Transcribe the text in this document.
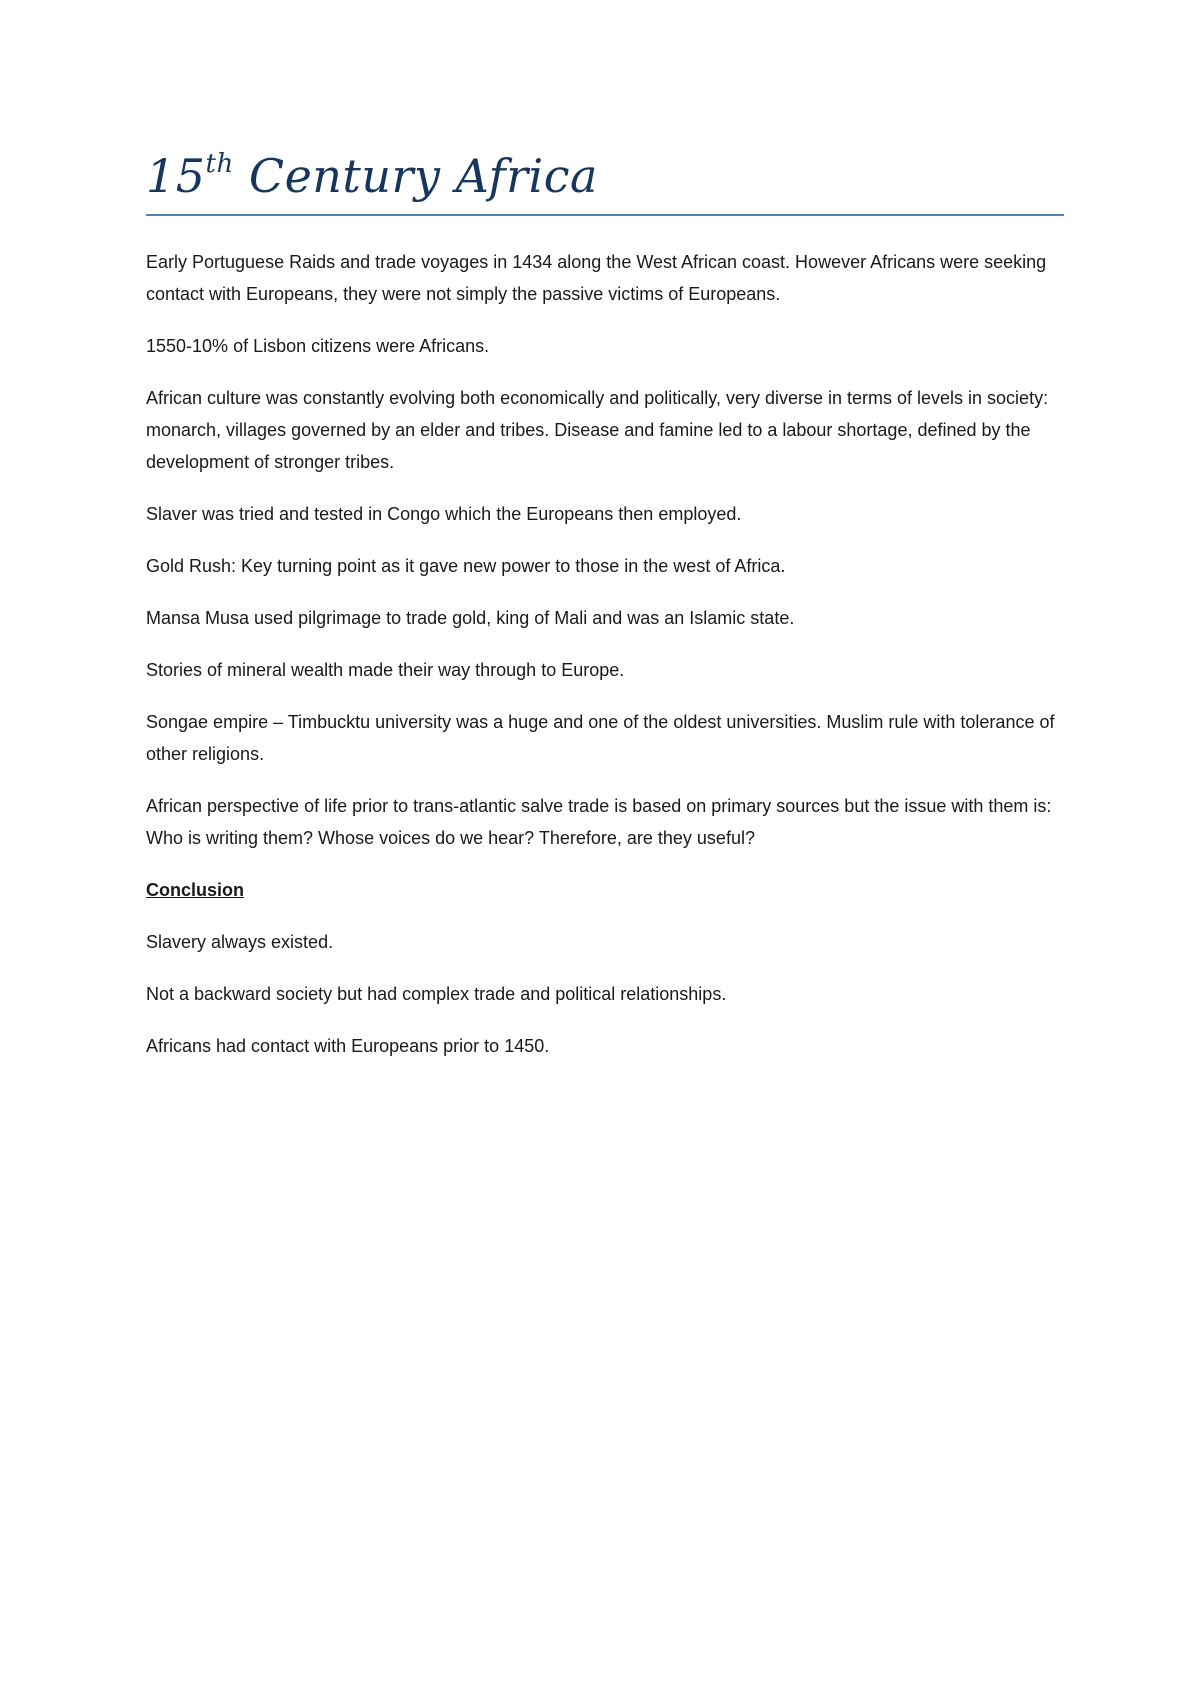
15th Century Africa

Early Portuguese Raids and trade voyages in 1434 along the West African coast. However Africans were seeking contact with Europeans, they were not simply the passive victims of Europeans.

1550-10% of Lisbon citizens were Africans.

African culture was constantly evolving both economically and politically, very diverse in terms of levels in society: monarch, villages governed by an elder and tribes. Disease and famine led to a labour shortage, defined by the development of stronger tribes.

Slaver was tried and tested in Congo which the Europeans then employed.

Gold Rush: Key turning point as it gave new power to those in the west of Africa.

Mansa Musa used pilgrimage to trade gold, king of Mali and was an Islamic state.

Stories of mineral wealth made their way through to Europe.

Songae empire – Timbucktu university was a huge and one of the oldest universities. Muslim rule with tolerance of other religions.

African perspective of life prior to trans-atlantic salve trade is based on primary sources but the issue with them is: Who is writing them? Whose voices do we hear? Therefore, are they useful?

Conclusion

Slavery always existed.

Not a backward society but had complex trade and political relationships.

Africans had contact with Europeans prior to 1450.
